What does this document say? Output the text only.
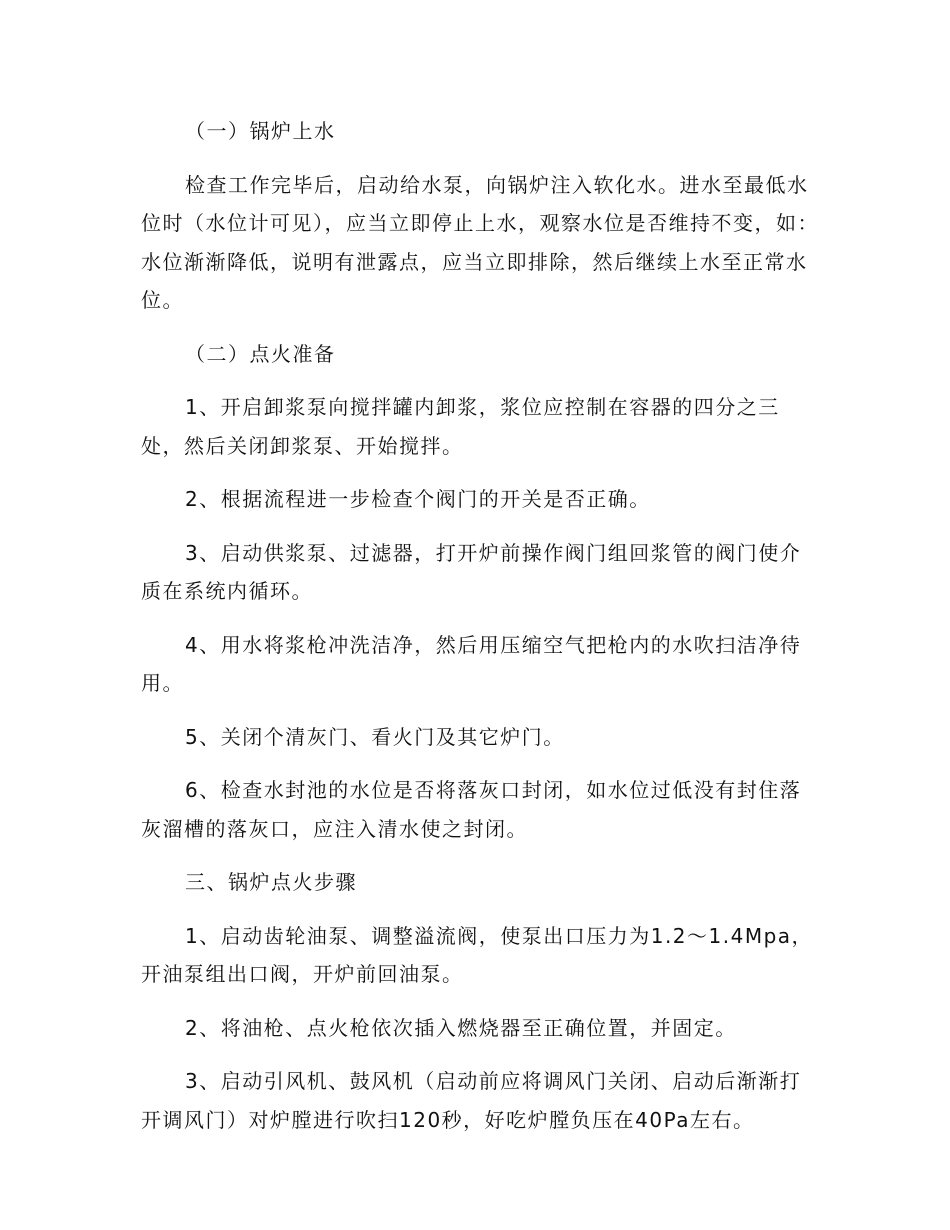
（一）锅炉上水

检查工作完毕后，启动给水泵，向锅炉注入软化水。进水至最低水位时（水位计可见），应当立即停止上水，观察水位是否维持不变，如：水位渐渐降低，说明有泄露点，应当立即排除，然后继续上水至正常水位。

（二）点火准备

1、开启卸浆泵向搅拌罐内卸浆，浆位应控制在容器的四分之三处，然后关闭卸浆泵、开始搅拌。

2、根据流程进一步检查个阀门的开关是否正确。

3、启动供浆泵、过滤器，打开炉前操作阀门组回浆管的阀门使介质在系统内循环。

4、用水将浆枪冲洗洁净，然后用压缩空气把枪内的水吹扫洁净待用。

5、关闭个清灰门、看火门及其它炉门。

6、检查水封池的水位是否将落灰口封闭，如水位过低没有封住落灰溜槽的落灰口，应注入清水使之封闭。

三、锅炉点火步骤

1、启动齿轮油泵、调整溢流阀，使泵出口压力为1.2～1.4Mpa，开油泵组出口阀，开炉前回油泵。

2、将油枪、点火枪依次插入燃烧器至正确位置，并固定。

3、启动引风机、鼓风机（启动前应将调风门关闭、启动后渐渐打开调风门）对炉膛进行吹扫120秒，好吃炉膛负压在40Pa左右。
